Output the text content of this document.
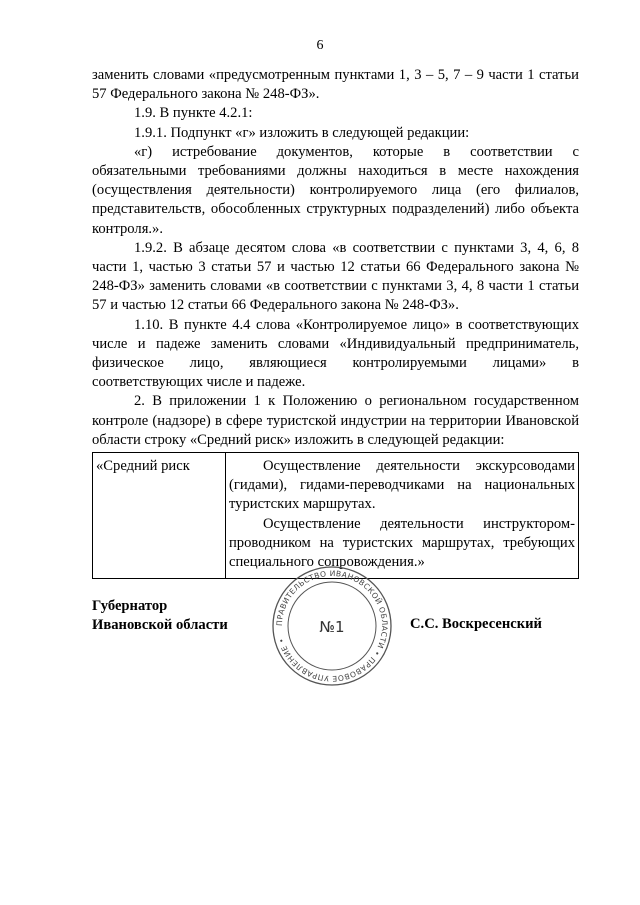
6

заменить словами «предусмотренным пунктами 1, 3 – 5, 7 – 9 части 1 статьи 57 Федерального закона № 248-ФЗ».

1.9. В пункте 4.2.1:

1.9.1. Подпункт «г» изложить в следующей редакции:

«г) истребование документов, которые в соответствии с обязательными требованиями должны находиться в месте нахождения (осуществления деятельности) контролируемого лица (его филиалов, представительств, обособленных структурных подразделений) либо объекта контроля.».

1.9.2. В абзаце десятом слова «в соответствии с пунктами 3, 4, 6, 8 части 1, частью 3 статьи 57 и частью 12 статьи 66 Федерального закона № 248-ФЗ» заменить словами «в соответствии с пунктами 3, 4, 8 части 1 статьи 57 и частью 12 статьи 66 Федерального закона № 248-ФЗ».

1.10. В пункте 4.4 слова «Контролируемое лицо» в соответствующих числе и падеже заменить словами «Индивидуальный предприниматель, физическое лицо, являющиеся контролируемыми лицами» в соответствующих числе и падеже.

2. В приложении 1 к Положению о региональном государственном контроле (надзоре) в сфере туристской индустрии на территории Ивановской области строку «Средний риск» изложить в следующей редакции:

«Средний риск	Осуществление деятельности экскурсоводами (гидами), гидами-переводчиками на национальных туристских маршрутах.

Осуществление деятельности инструктором-проводником на туристских маршрутах, требующих специального сопровождения.»

Губернатор
Ивановской области	ПРАВИТЕЛЬСТВО ИВАНОВСКОЙ ОБЛАСТИ • ПРАВОВОЕ УПРАВЛЕНИЕ •
№1	С.С. Воскресенский
